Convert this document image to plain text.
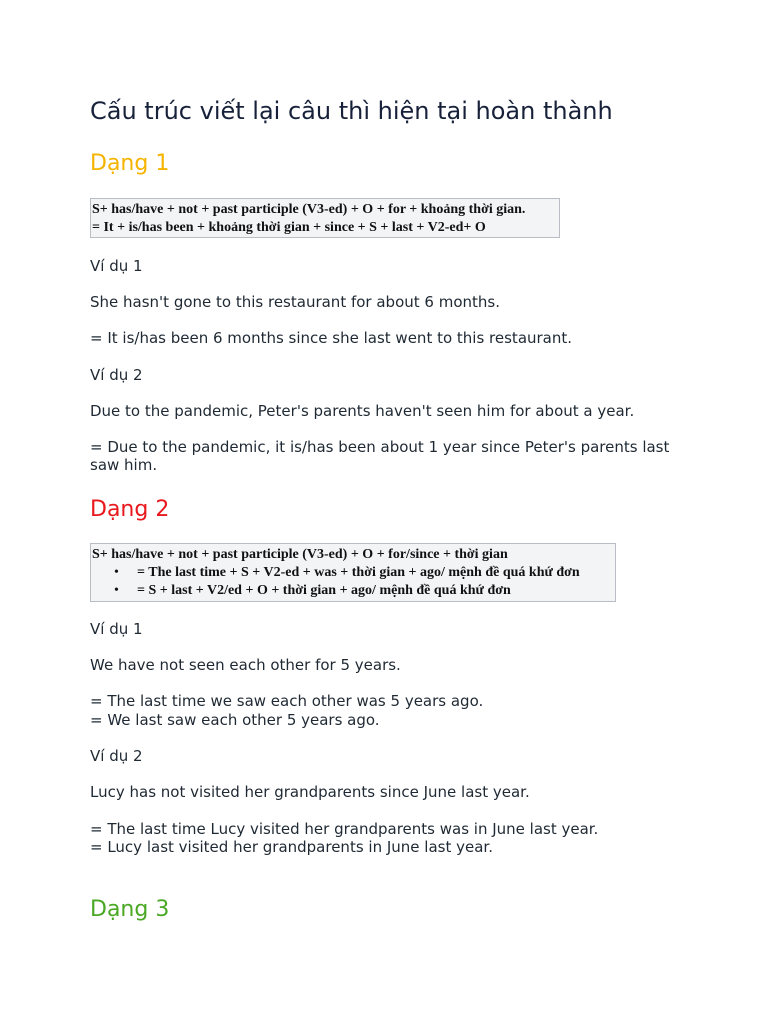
Cấu trúc viết lại câu thì hiện tại hoàn thành
Dạng 1
S+ has/have + not + past participle (V3-ed) + O + for + khoảng thời gian.
= It + is/has been + khoảng thời gian + since + S + last + V2-ed+ O

Ví dụ 1

She hasn't gone to this restaurant for about 6 months.

= It is/has been 6 months since she last went to this restaurant.

Ví dụ 2

Due to the pandemic, Peter's parents haven't seen him for about a year.

= Due to the pandemic, it is/has been about 1 year since Peter's parents last

saw him.

Dạng 2
S+ has/have + not + past participle (V3-ed) + O + for/since + thời gian
• = The last time + S + V2-ed + was + thời gian + ago/ mệnh đề quá khứ đơn
• = S + last + V2/ed + O + thời gian + ago/ mệnh đề quá khứ đơn

Ví dụ 1

We have not seen each other for 5 years.

= The last time we saw each other was 5 years ago.

= We last saw each other 5 years ago.

Ví dụ 2

Lucy has not visited her grandparents since June last year.

= The last time Lucy visited her grandparents was in June last year.

= Lucy last visited her grandparents in June last year.

Dạng 3
